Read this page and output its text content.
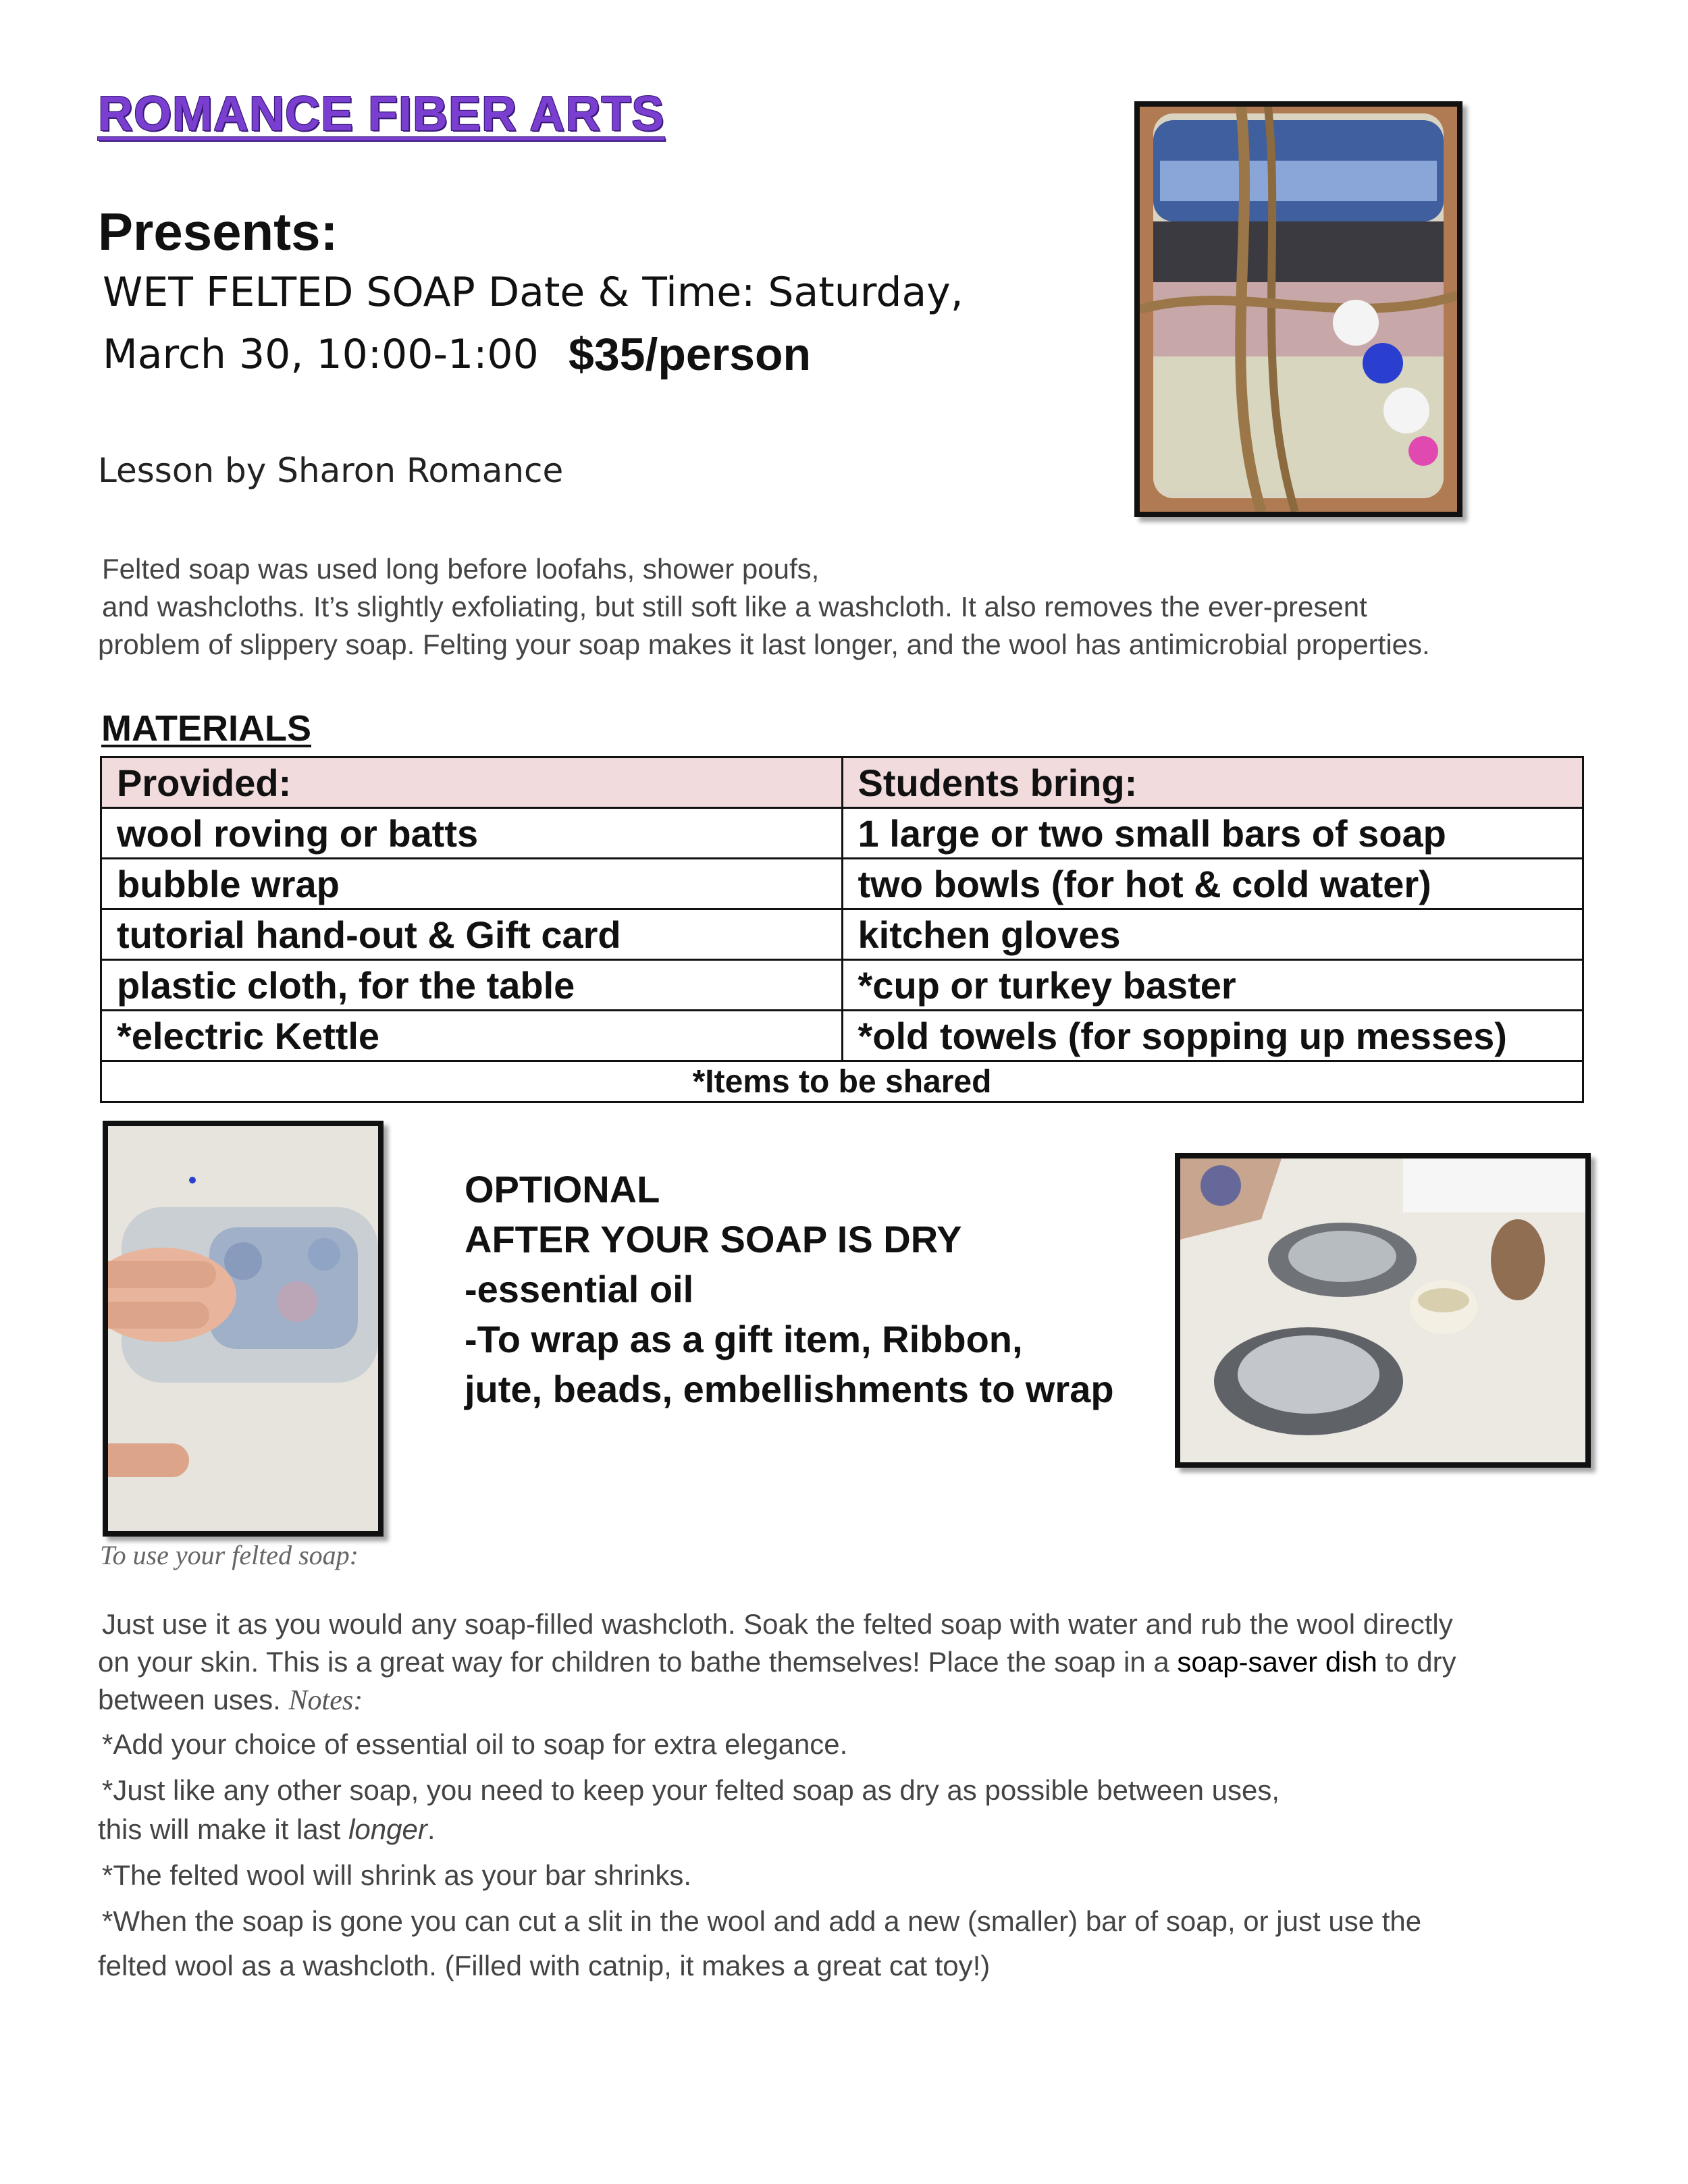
ROMANCE FIBER ARTS
Presents:
WET FELTED SOAP Date & Time: Saturday,
March 30, 10:00-1:00 $35/person
Lesson by Sharon Romance

Felted soap was used long before loofahs, shower poufs,

and washcloths. It’s slightly exfoliating, but still soft like a washcloth. It also removes the ever-present

problem of slippery soap. Felting your soap makes it last longer, and the wool has antimicrobial properties.

MATERIALS
Provided:	Students bring:
wool roving or batts	1 large or two small bars of soap
bubble wrap	two bowls (for hot & cold water)
tutorial hand-out & Gift card	kitchen gloves
plastic cloth, for the table	*cup or turkey baster
*electric Kettle	*old towels (for sopping up messes)
*Items to be shared	
OPTIONAL
AFTER YOUR SOAP IS DRY
-essential oil
-To wrap as a gift item, Ribbon,
jute, beads, embellishments to wrap
To use your felted soap:
Just use it as you would any soap-filled washcloth. Soak the felted soap with water and rub the wool directly
on your skin. This is a great way for children to bathe themselves! Place the soap in a soap-saver dish to dry
between uses. Notes:
*Add your choice of essential oil to soap for extra elegance.
*Just like any other soap, you need to keep your felted soap as dry as possible between uses,
this will make it last longer.
*The felted wool will shrink as your bar shrinks.
*When the soap is gone you can cut a slit in the wool and add a new (smaller) bar of soap, or just use the
felted wool as a washcloth. (Filled with catnip, it makes a great cat toy!)
